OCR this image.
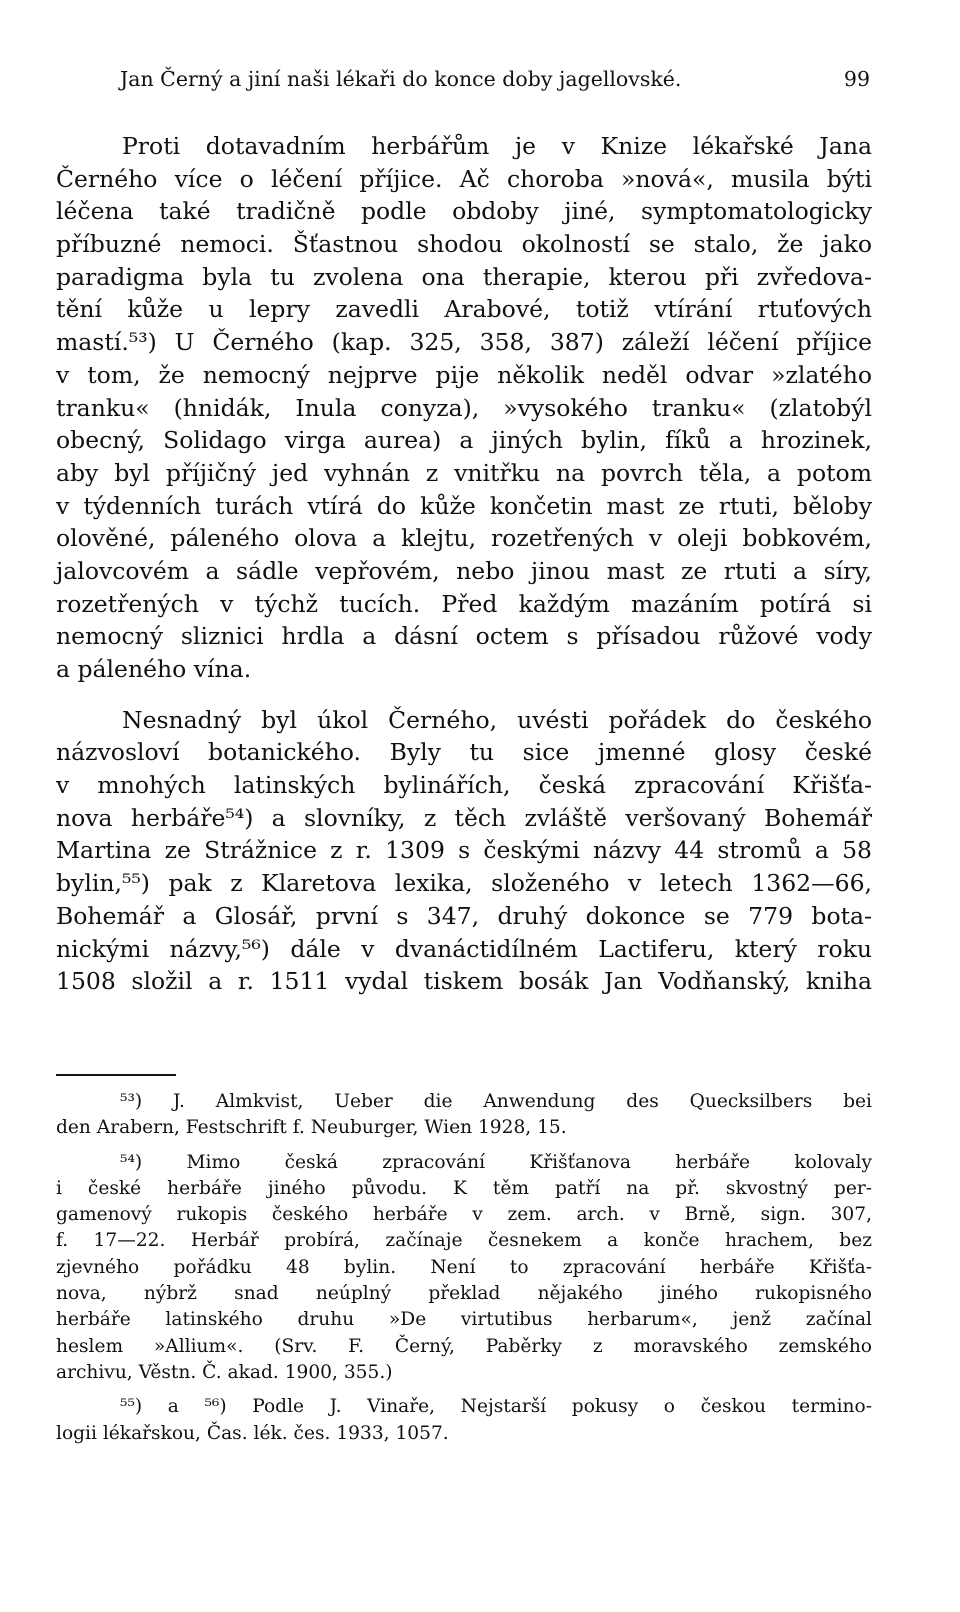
Jan Černý a jiní naši lékaři do konce doby jagellovské.	99
Proti dotavadním herbářům je v Knize lékařské Jana
Černého více o léčení příjice. Ač choroba »nová«, musila býti
léčena také tradičně podle obdoby jiné, symptomatologicky
příbuzné nemoci. Šťastnou shodou okolností se stalo, že jako
paradigma byla tu zvolena ona therapie, kterou při zvředova-
tění kůže u lepry zavedli Arabové, totiž vtírání rtuťových
mastí.⁵³) U Černého (kap. 325, 358, 387) záleží léčení příjice
v tom, že nemocný nejprve pije několik neděl odvar »zlatého
tranku« (hnidák, Inula conyza), »vysokého tranku« (zlatobýl
obecný, Solidago virga aurea) a jiných bylin, fíků a hrozinek,
aby byl příjičný jed vyhnán z vnitřku na povrch těla, a potom
v týdenních turách vtírá do kůže končetin mast ze rtuti, běloby
olověné, páleného olova a klejtu, rozetřených v oleji bobkovém,
jalovcovém a sádle vepřovém, nebo jinou mast ze rtuti a síry,
rozetřených v týchž tucích. Před každým mazáním potírá si
nemocný sliznici hrdla a dásní octem s přísadou růžové vody
a páleného vína.
Nesnadný byl úkol Černého, uvésti pořádek do českého
názvosloví botanického. Byly tu sice jmenné glosy české
v mnohých latinských bylinářích, česká zpracování Křišťa-
nova herbáře⁵⁴) a slovníky, z těch zvláště veršovaný Bohemář
Martina ze Strážnice z r. 1309 s českými názvy 44 stromů a 58
bylin,⁵⁵) pak z Klaretova lexika, složeného v letech 1362—66,
Bohemář a Glosář, první s 347, druhý dokonce se 779 bota-
nickými názvy,⁵⁶) dále v dvanáctidílném Lactiferu, který roku
1508 složil a r. 1511 vydal tiskem bosák Jan Vodňanský, kniha
⁵³) J. Almkvist, Ueber die Anwendung des Quecksilbers bei
den Arabern, Festschrift f. Neuburger, Wien 1928, 15.
⁵⁴) Mimo česká zpracování Křišťanova herbáře kolovaly
i české herbáře jiného původu. K těm patří na př. skvostný per-
gamenový rukopis českého herbáře v zem. arch. v Brně, sign. 307,
f. 17—22. Herbář probírá, začínaje česnekem a konče hrachem, bez
zjevného pořádku 48 bylin. Není to zpracování herbáře Křišťa-
nova, nýbrž snad neúplný překlad nějakého jiného rukopisného
herbáře latinského druhu »De virtutibus herbarum«, jenž začínal
heslem »Allium«. (Srv. F. Černý, Paběrky z moravského zemského
archivu, Věstn. Č. akad. 1900, 355.)
⁵⁵) a ⁵⁶) Podle J. Vinaře, Nejstarší pokusy o českou termino-
logii lékařskou, Čas. lék. čes. 1933, 1057.
